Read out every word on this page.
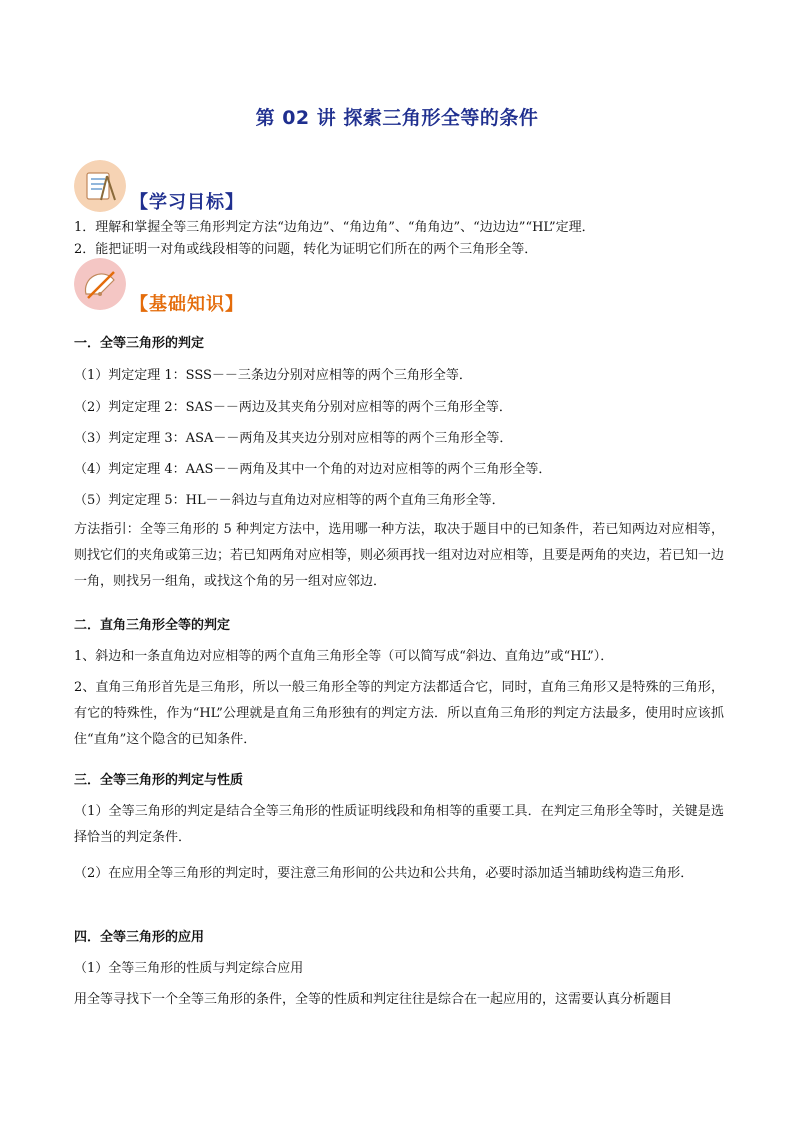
第 02 讲 探索三角形全等的条件
【学习目标】
1．理解和掌握全等三角形判定方法“边角边”、“角边角”、“角角边”、“边边边”“HL”定理．
2．能把证明一对角或线段相等的问题，转化为证明它们所在的两个三角形全等．
【基础知识】
一．全等三角形的判定
（1）判定定理 1：SSS－－三条边分别对应相等的两个三角形全等．
（2）判定定理 2：SAS－－两边及其夹角分别对应相等的两个三角形全等．
（3）判定定理 3：ASA－－两角及其夹边分别对应相等的两个三角形全等．
（4）判定定理 4：AAS－－两角及其中一个角的对边对应相等的两个三角形全等．
（5）判定定理 5：HL－－斜边与直角边对应相等的两个直角三角形全等．
方法指引：全等三角形的 5 种判定方法中，选用哪一种方法，取决于题目中的已知条件，若已知两边对应相等，则找它们的夹角或第三边；若已知两角对应相等，则必须再找一组对边对应相等，且要是两角的夹边，若已知一边一角，则找另一组角，或找这个角的另一组对应邻边．
二．直角三角形全等的判定
1、斜边和一条直角边对应相等的两个直角三角形全等（可以简写成“斜边、直角边”或“HL”）．
2、直角三角形首先是三角形，所以一般三角形全等的判定方法都适合它，同时，直角三角形又是特殊的三角形，有它的特殊性，作为“HL”公理就是直角三角形独有的判定方法．所以直角三角形的判定方法最多，使用时应该抓住“直角”这个隐含的已知条件．
三．全等三角形的判定与性质
（1）全等三角形的判定是结合全等三角形的性质证明线段和角相等的重要工具．在判定三角形全等时，关键是选择恰当的判定条件．
（2）在应用全等三角形的判定时，要注意三角形间的公共边和公共角，必要时添加适当辅助线构造三角形．
四．全等三角形的应用
（1）全等三角形的性质与判定综合应用
用全等寻找下一个全等三角形的条件，全等的性质和判定往往是综合在一起应用的，这需要认真分析题目
